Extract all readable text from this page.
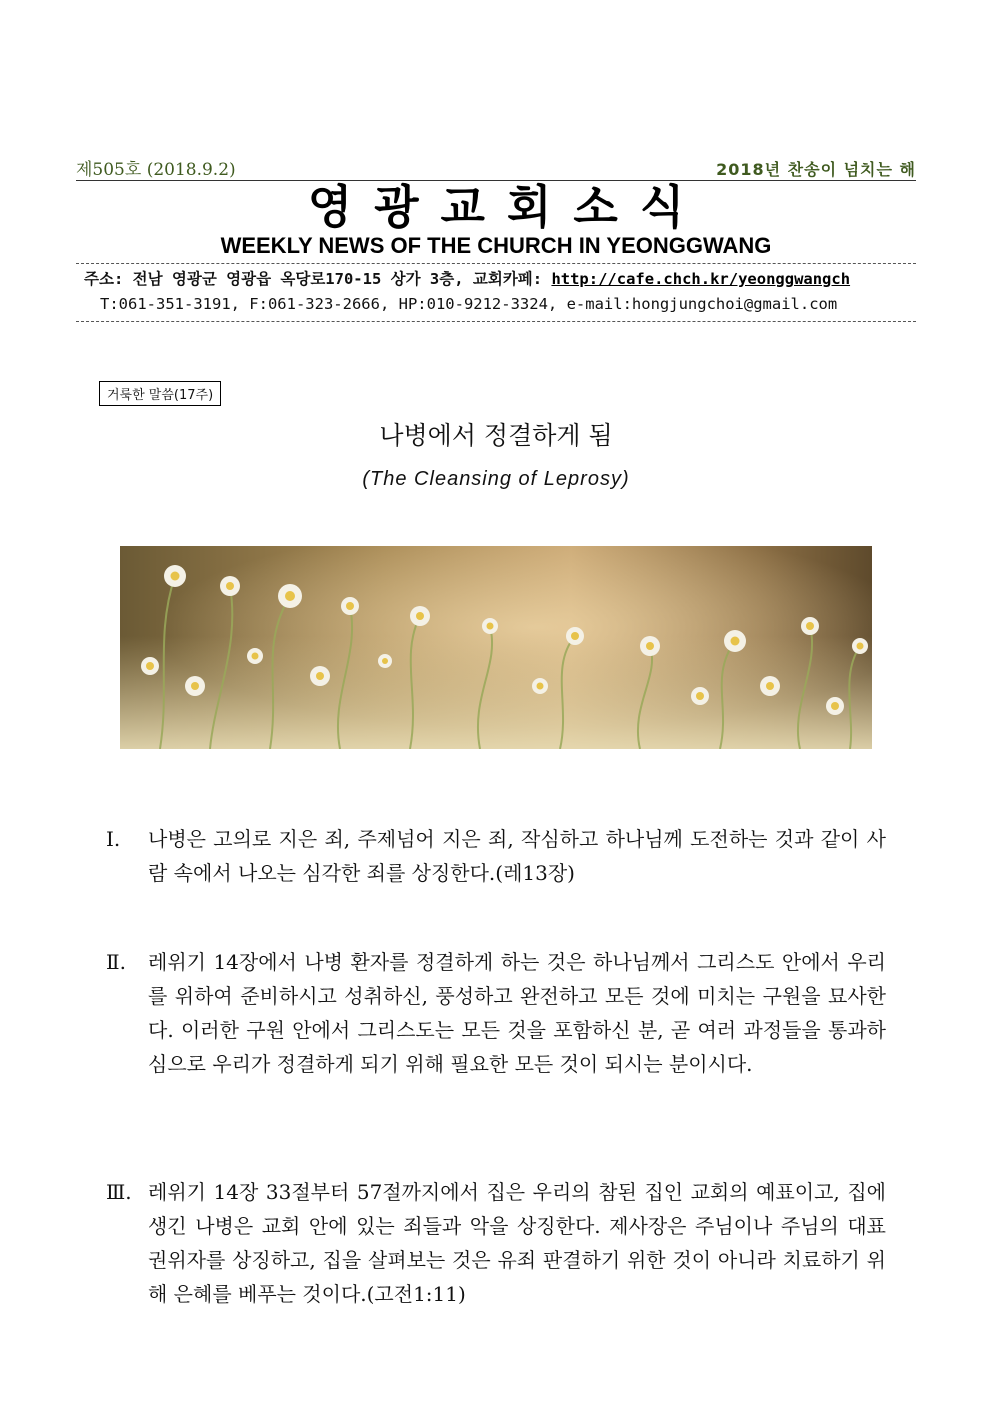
제505호 (2018.9.2)	2018년 찬송이 넘치는 해
영광교회소식
WEEKLY NEWS OF THE CHURCH IN YEONGGWANG
주소: 전남 영광군 영광읍 옥당로170-15 상가 3층, 교회카페: http://cafe.chch.kr/yeonggwangch
T:061-351-3191, F:061-323-2666, HP:010-9212-3324, e-mail:hongjungchoi@gmail.com
거룩한 말씀(17주)
나병에서 정결하게 됨
(The Cleansing of Leprosy)
Ⅰ. 나병은 고의로 지은 죄, 주제넘어 지은 죄, 작심하고 하나님께 도전하는 것과 같이 사람 속에서 나오는 심각한 죄를 상징한다.(레13장)
Ⅱ. 레위기 14장에서 나병 환자를 정결하게 하는 것은 하나님께서 그리스도 안에서 우리를 위하여 준비하시고 성취하신, 풍성하고 완전하고 모든 것에 미치는 구원을 묘사한다. 이러한 구원 안에서 그리스도는 모든 것을 포함하신 분, 곧 여러 과정들을 통과하심으로 우리가 정결하게 되기 위해 필요한 모든 것이 되시는 분이시다.
Ⅲ. 레위기 14장 33절부터 57절까지에서 집은 우리의 참된 집인 교회의 예표이고, 집에 생긴 나병은 교회 안에 있는 죄들과 악을 상징한다. 제사장은 주님이나 주님의 대표 권위자를 상징하고, 집을 살펴보는 것은 유죄 판결하기 위한 것이 아니라 치료하기 위해 은혜를 베푸는 것이다.(고전1:11)
